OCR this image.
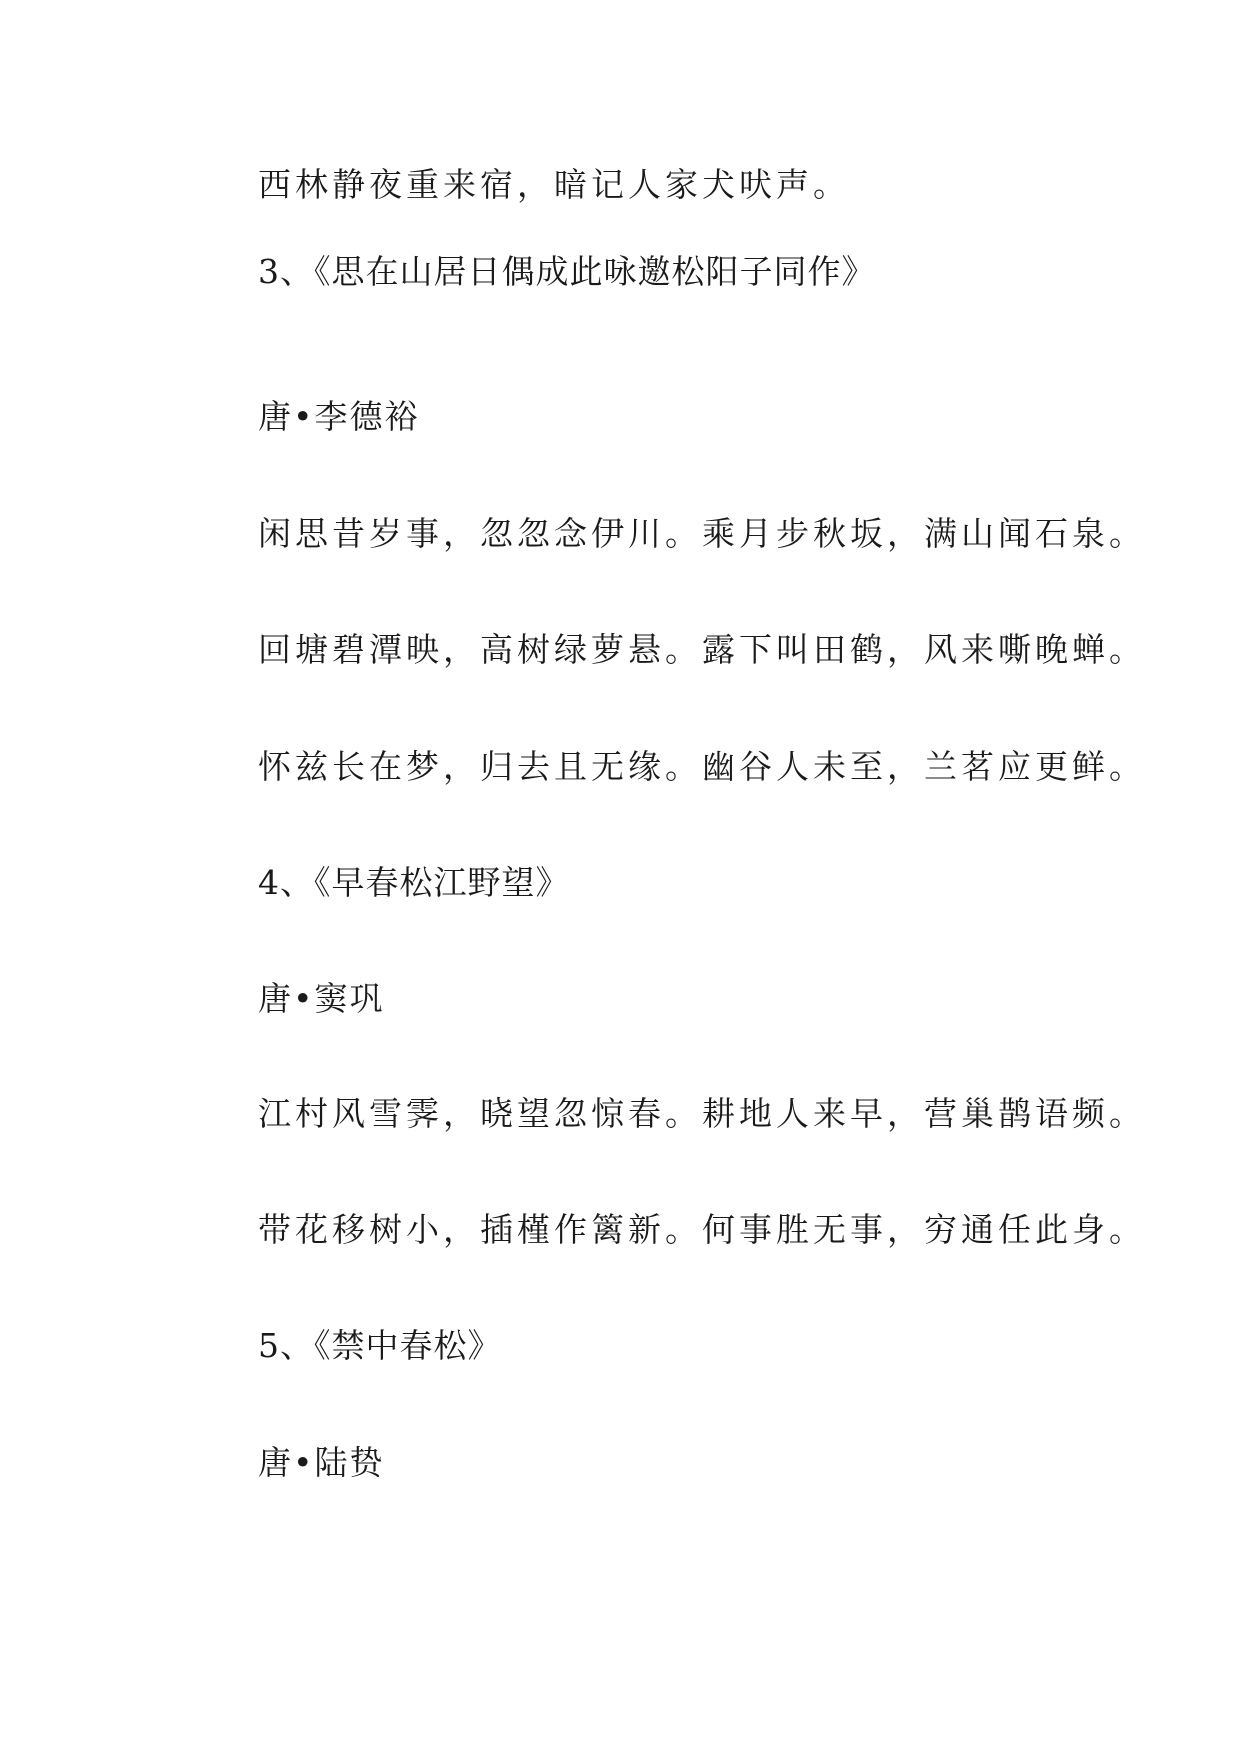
西林静夜重来宿，暗记人家犬吠声。
3、《思在山居日偶成此咏邀松阳子同作》
唐•李德裕
闲思昔岁事，忽忽念伊川。乘月步秋坂，满山闻石泉。
回塘碧潭映，高树绿萝悬。露下叫田鹤，风来嘶晚蝉。
怀兹长在梦，归去且无缘。幽谷人未至，兰茗应更鲜。
4、《早春松江野望》
唐•窦巩
江村风雪霁，晓望忽惊春。耕地人来早，营巢鹊语频。
带花移树小，插槿作篱新。何事胜无事，穷通任此身。
5、《禁中春松》
唐•陆贽
